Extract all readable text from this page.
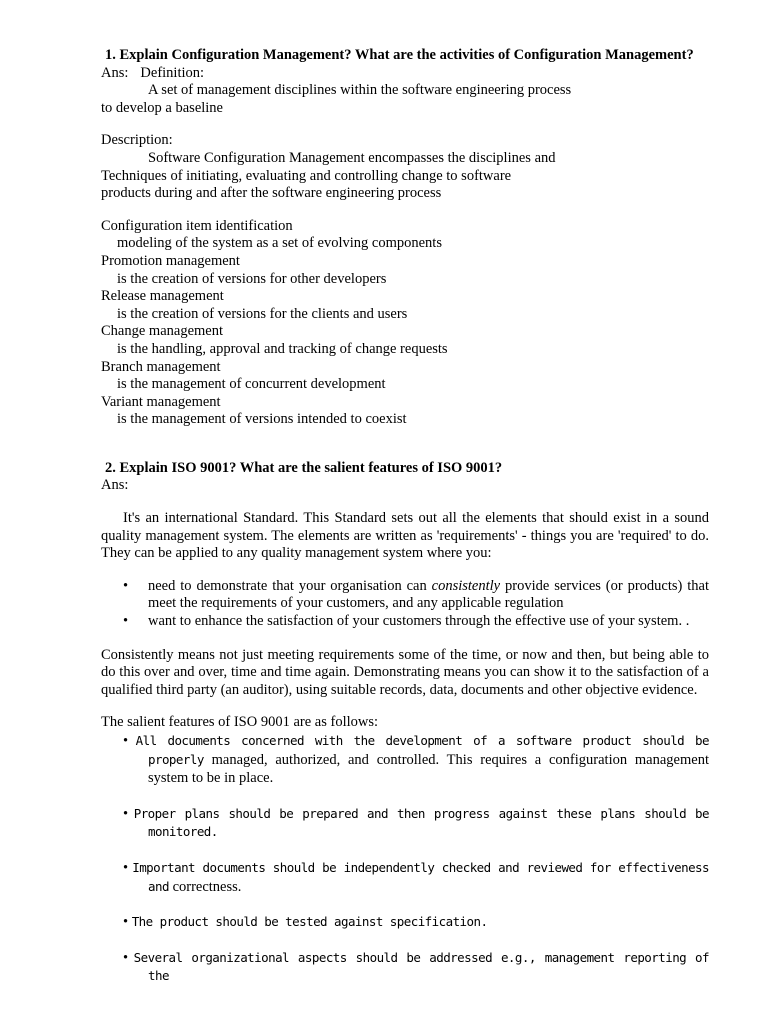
1. Explain Configuration Management? What are the activities of Configuration Management?
Ans: Definition:
A set of management disciplines within the software engineering process
to develop a baseline
Description:
Software Configuration Management encompasses the disciplines and
Techniques of initiating, evaluating and controlling change to software
products during and after the software engineering process
Configuration item identification
modeling of the system as a set of evolving components
Promotion management
is the creation of versions for other developers
Release management
is the creation of versions for the clients and users
Change management
is the handling, approval and tracking of change requests
Branch management
is the management of concurrent development
Variant management
is the management of versions intended to coexist
2. Explain ISO 9001? What are the salient features of ISO 9001?
Ans:
It's an international Standard. This Standard sets out all the elements that should exist in a sound quality management system. The elements are written as 'requirements' - things you are 'required' to do. They can be applied to any quality management system where you:
• need to demonstrate that your organisation can consistently provide services (or products) that meet the requirements of your customers, and any applicable regulation
• want to enhance the satisfaction of your customers through the effective use of your system. .
Consistently means not just meeting requirements some of the time, or now and then, but being able to do this over and over, time and time again. Demonstrating means you can show it to the satisfaction of a qualified third party (an auditor), using suitable records, data, documents and other objective evidence.
The salient features of ISO 9001 are as follows:
• All documents concerned with the development of a software product should be properly managed, authorized, and controlled. This requires a configuration management system to be in place.
• Proper plans should be prepared and then progress against these plans should be monitored.
• Important documents should be independently checked and reviewed for effectiveness and correctness.
• The product should be tested against specification.
• Several organizational aspects should be addressed e.g., management reporting of the
